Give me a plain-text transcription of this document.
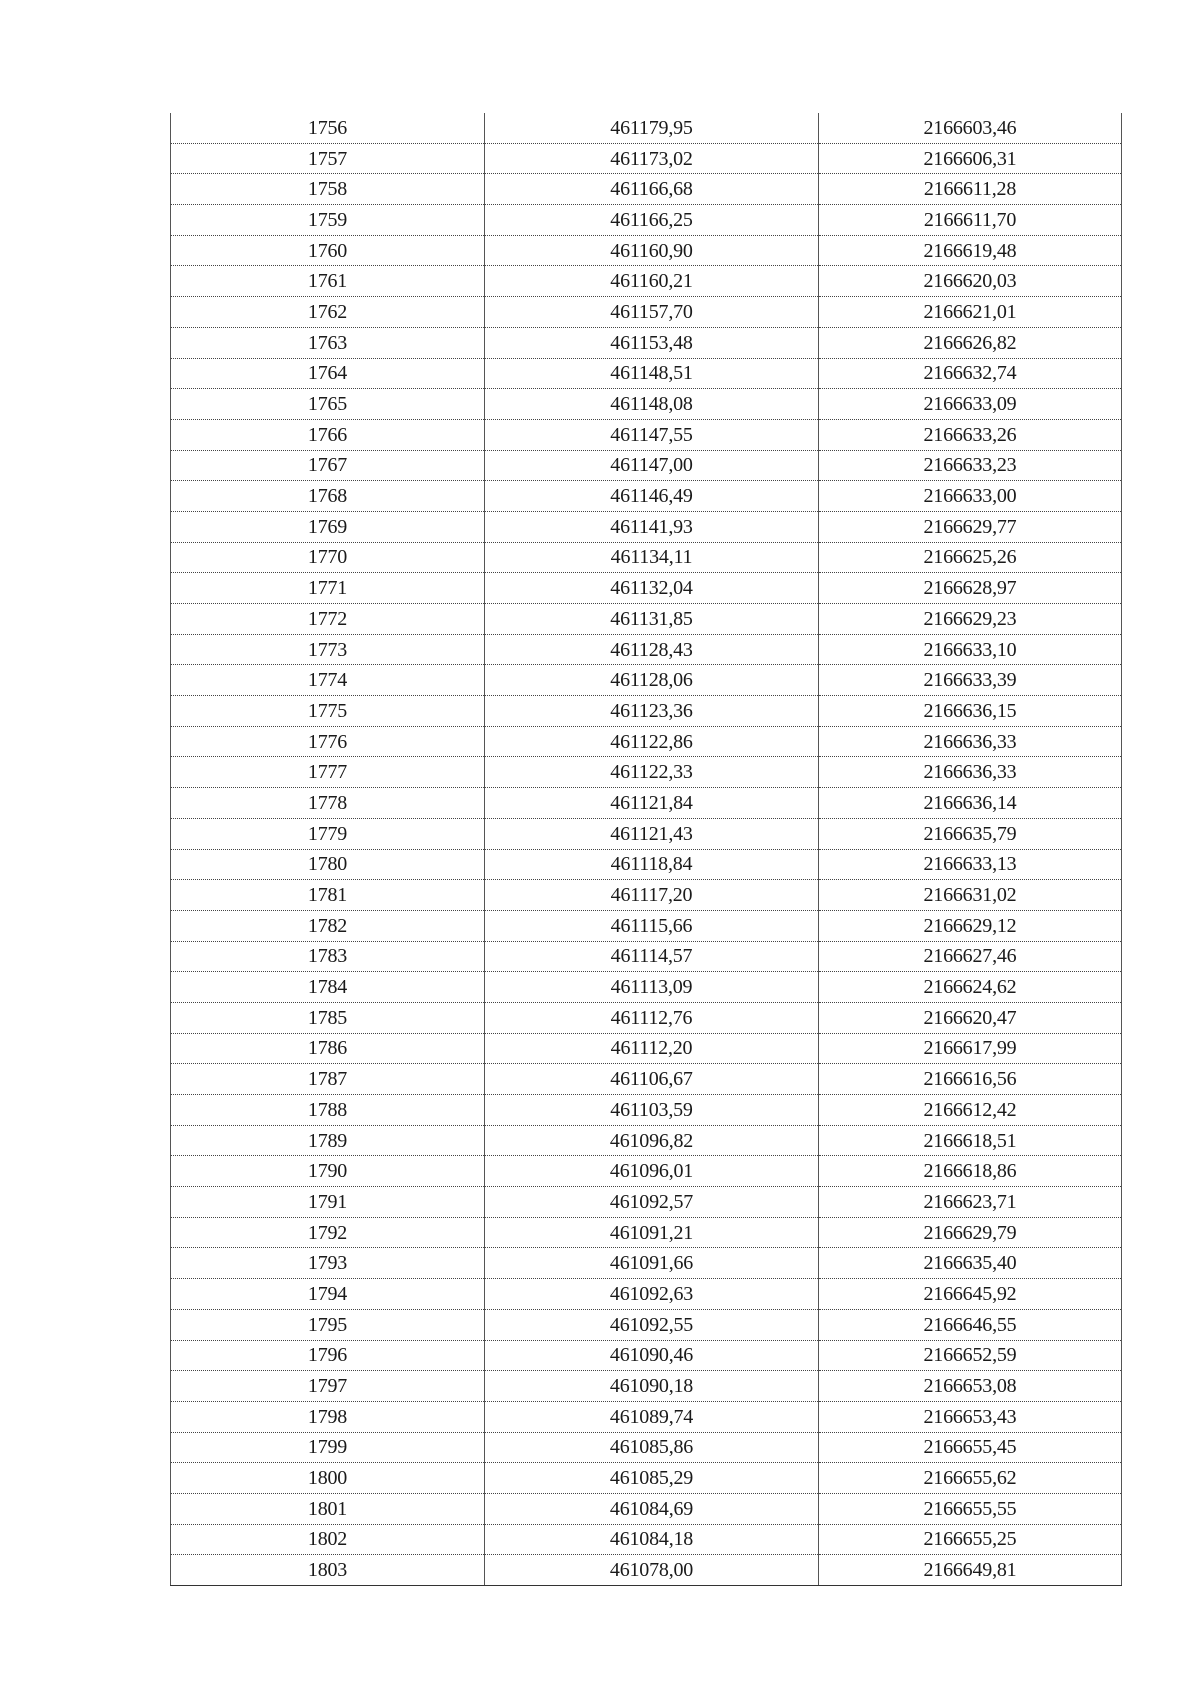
1756	461179,95	2166603,46
1757	461173,02	2166606,31
1758	461166,68	2166611,28
1759	461166,25	2166611,70
1760	461160,90	2166619,48
1761	461160,21	2166620,03
1762	461157,70	2166621,01
1763	461153,48	2166626,82
1764	461148,51	2166632,74
1765	461148,08	2166633,09
1766	461147,55	2166633,26
1767	461147,00	2166633,23
1768	461146,49	2166633,00
1769	461141,93	2166629,77
1770	461134,11	2166625,26
1771	461132,04	2166628,97
1772	461131,85	2166629,23
1773	461128,43	2166633,10
1774	461128,06	2166633,39
1775	461123,36	2166636,15
1776	461122,86	2166636,33
1777	461122,33	2166636,33
1778	461121,84	2166636,14
1779	461121,43	2166635,79
1780	461118,84	2166633,13
1781	461117,20	2166631,02
1782	461115,66	2166629,12
1783	461114,57	2166627,46
1784	461113,09	2166624,62
1785	461112,76	2166620,47
1786	461112,20	2166617,99
1787	461106,67	2166616,56
1788	461103,59	2166612,42
1789	461096,82	2166618,51
1790	461096,01	2166618,86
1791	461092,57	2166623,71
1792	461091,21	2166629,79
1793	461091,66	2166635,40
1794	461092,63	2166645,92
1795	461092,55	2166646,55
1796	461090,46	2166652,59
1797	461090,18	2166653,08
1798	461089,74	2166653,43
1799	461085,86	2166655,45
1800	461085,29	2166655,62
1801	461084,69	2166655,55
1802	461084,18	2166655,25
1803	461078,00	2166649,81
